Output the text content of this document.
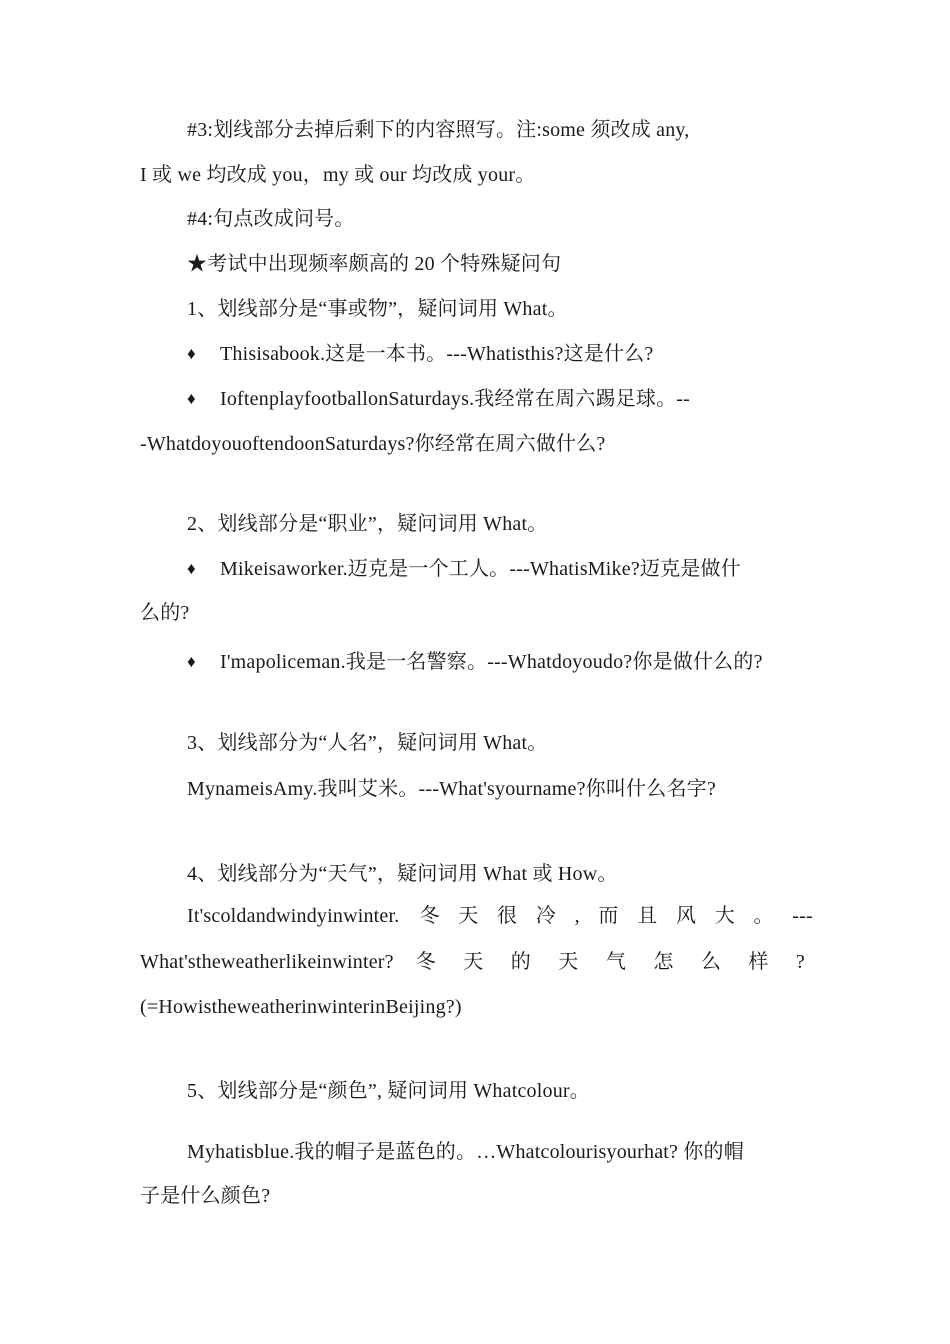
#3:划线部分去掉后剩下的内容照写。注:some 须改成 any,
I 或 we 均改成 you，my 或 our 均改成 your。
#4:句点改成问号。
★考试中出现频率颇高的 20 个特殊疑问句
1、划线部分是“事或物”，疑问词用 What。
♦ Thisisabook.这是一本书。---Whatisthis?这是什么?
♦ IoftenplayfootballonSaturdays.我经常在周六踢足球。--
-WhatdoyouoftendoonSaturdays?你经常在周六做什么?
2、划线部分是“职业”，疑问词用 What。
♦ Mikeisaworker.迈克是一个工人。---WhatisMike?迈克是做什
么的?
♦ I'mapoliceman.我是一名警察。---Whatdoyoudo?你是做什么的?
3、划线部分为“人名”，疑问词用 What。
MynameisAmy.我叫艾米。---What'syourname?你叫什么名字?
4、划线部分为“天气”，疑问词用 What 或 How。
It'scoldandwindyinwinter. 冬 天 很 冷 , 而 且 风 大 。 ---
What'stheweatherlikeinwinter? 冬 天 的 天 气 怎 么 样 ?
(=HowistheweatherinwinterinBeijing?)
5、划线部分是“颜色”, 疑问词用 Whatcolour。
Myhatisblue.我的帽子是蓝色的。…Whatcolourisyourhat? 你的帽
子是什么颜色?
